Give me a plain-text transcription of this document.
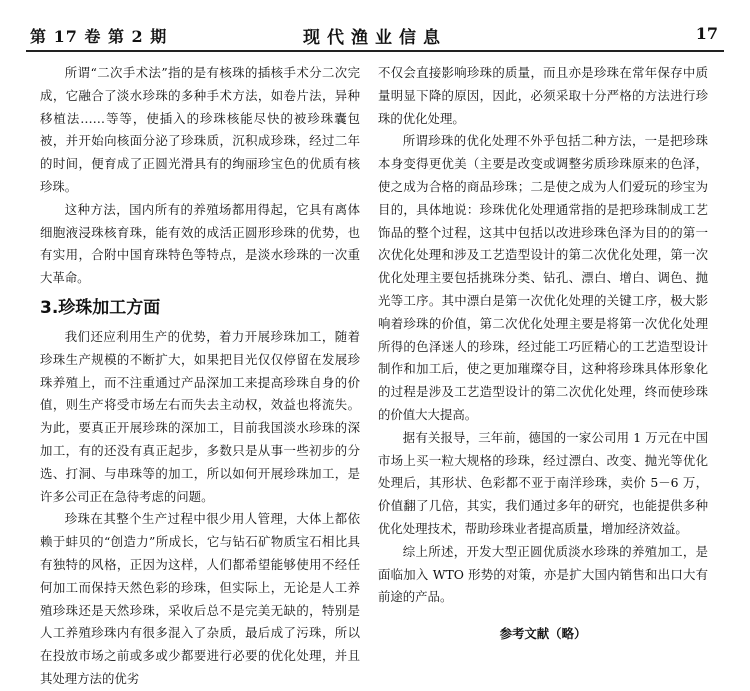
第 17 卷 第 2 期	现代渔业信息	17

所谓“二次手术法”指的是有核珠的插核手术分二次完成，它融合了淡水珍珠的多种手术方法，如卷片法，异种移植法……等等，使插入的珍珠核能尽快的被珍珠囊包被，并开始向核面分泌了珍珠质，沉积成珍珠，经过二年的时间，便育成了正圆光滑具有的绚丽珍宝色的优质有核珍珠。

这种方法，国内所有的养殖场都用得起，它具有离体细胞液浸珠核育珠，能有效的成活正圆形珍珠的优势，也有实用，合附中国育珠特色等特点，是淡水珍珠的一次重大革命。

3.珍珠加工方面

我们还应利用生产的优势，着力开展珍珠加工，随着珍珠生产规模的不断扩大，如果把目光仅仅停留在发展珍珠养殖上，而不注重通过产品深加工来提高珍珠自身的价值，则生产将受市场左右而失去主动权，效益也将流失。为此，要真正开展珍珠的深加工，目前我国淡水珍珠的深加工，有的还没有真正起步，多数只是从事一些初步的分选、打洞、与串珠等的加工，所以如何开展珍珠加工，是许多公司正在急待考虑的问题。

珍珠在其整个生产过程中很少用人管理，大体上都依赖于蚌贝的“创造力”所成长，它与钻石矿物质宝石相比具有独特的风格，正因为这样，人们都希望能够使用不经任何加工而保持天然色彩的珍珠，但实际上，无论是人工养殖珍珠还是天然珍珠，采收后总不是完美无缺的，特别是人工养殖珍珠内有很多混入了杂质，最后成了污珠，所以在投放市场之前或多或少都要进行必要的优化处理，并且其处理方法的优劣

不仅会直接影响珍珠的质量，而且亦是珍珠在常年保存中质量明显下降的原因，因此，必须采取十分严格的方法进行珍珠的优化处理。

所谓珍珠的优化处理不外乎包括二种方法，一是把珍珠本身变得更优美（主要是改变或调整劣质珍珠原来的色泽，使之成为合格的商品珍珠；二是使之成为人们爱玩的珍宝为目的，具体地说：珍珠优化处理通常指的是把珍珠制成工艺饰品的整个过程，这其中包括以改进珍珠色泽为目的的第一次优化处理和涉及工艺造型设计的第二次优化处理，第一次优化处理主要包括挑珠分类、钻孔、漂白、增白、调色、抛光等工序。其中漂白是第一次优化处理的关键工序，极大影响着珍珠的价值，第二次优化处理主要是将第一次优化处理所得的色泽迷人的珍珠，经过能工巧匠精心的工艺造型设计制作和加工后，使之更加璀璨夺目，这种将珍珠具体形象化的过程是涉及工艺造型设计的第二次优化处理，终而使珍珠的价值大大提高。

据有关报导，三年前，德国的一家公司用 1 万元在中国市场上买一粒大规格的珍珠，经过漂白、改变、抛光等优化处理后，其形状、色彩都不亚于南洋珍珠，卖价 5－6 万，价值翻了几倍，其实，我们通过多年的研究，也能提供多种优化处理技术，帮助珍珠业者提高质量，增加经济效益。

综上所述，开发大型正圆优质淡水珍珠的养殖加工，是面临加入 WTO 形势的对策，亦是扩大国内销售和出口大有前途的产品。

参考文献（略）
